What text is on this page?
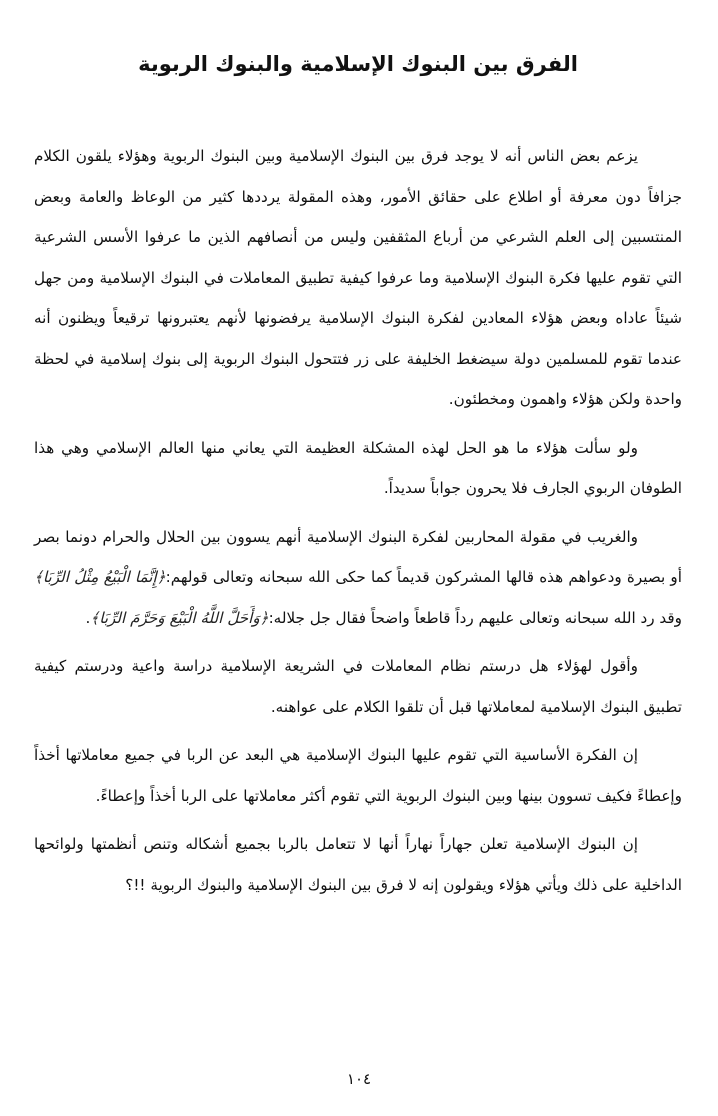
الفرق بين البنوك الإسلامية والبنوك الربوية

يزعم بعض الناس أنه لا يوجد فرق بين البنوك الإسلامية وبين البنوك الربوية وهؤلاء يلقون الكلام جزافاً دون معرفة أو اطلاع على حقائق الأمور، وهذه المقولة يرددها كثير من الوعاظ والعامة وبعض المنتسبين إلى العلم الشرعي من أرباع المثقفين وليس من أنصافهم الذين ما عرفوا الأسس الشرعية التي تقوم عليها فكرة البنوك الإسلامية وما عرفوا كيفية تطبيق المعاملات في البنوك الإسلامية ومن جهل شيئاً عاداه وبعض هؤلاء المعادين لفكرة البنوك الإسلامية يرفضونها لأنهم يعتبرونها ترقيعاً ويظنون أنه عندما تقوم للمسلمين دولة سيضغط الخليفة على زر فتتحول البنوك الربوية إلى بنوك إسلامية في لحظة واحدة ولكن هؤلاء واهمون ومخطئون.

ولو سألت هؤلاء ما هو الحل لهذه المشكلة العظيمة التي يعاني منها العالم الإسلامي وهي هذا الطوفان الربوي الجارف فلا يحرون جواباً سديداً.

والغريب في مقولة المحاربين لفكرة البنوك الإسلامية أنهم يسوون بين الحلال والحرام دونما بصر أو بصيرة ودعواهم هذه قالها المشركون قديماً كما حكى الله سبحانه وتعالى قولهم:﴿إِنَّمَا الْبَيْعُ مِثْلُ الرِّبَا﴾ وقد رد الله سبحانه وتعالى عليهم رداً قاطعاً واضحاً فقال جل جلاله:﴿وَأَحَلَّ اللَّهُ الْبَيْعَ وَحَرَّمَ الرِّبَا﴾.

وأقول لهؤلاء هل درستم نظام المعاملات في الشريعة الإسلامية دراسة واعية ودرستم كيفية تطبيق البنوك الإسلامية لمعاملاتها قبل أن تلقوا الكلام على عواهنه.

إن الفكرة الأساسية التي تقوم عليها البنوك الإسلامية هي البعد عن الربا في جميع معاملاتها أخذاً وإعطاءً فكيف تسوون بينها وبين البنوك الربوية التي تقوم أكثر معاملاتها على الربا أخذاً وإعطاءً.

إن البنوك الإسلامية تعلن جهاراً نهاراً أنها لا تتعامل بالربا بجميع أشكاله وتنص أنظمتها ولوائحها الداخلية على ذلك ويأتي هؤلاء ويقولون إنه لا فرق بين البنوك الإسلامية والبنوك الربوية !!؟

١٠٤
